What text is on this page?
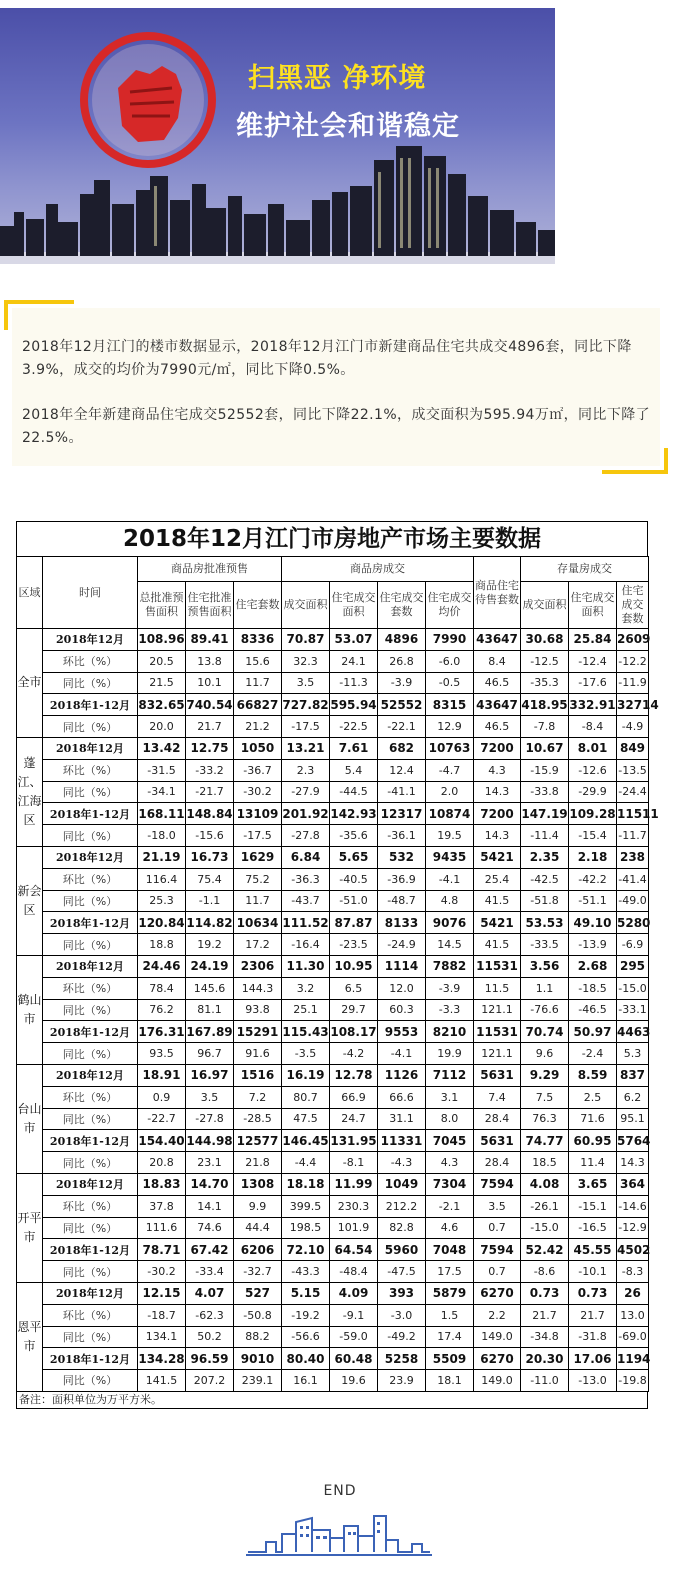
扫黑恶 净环境
维护社会和谐稳定

2018年12月江门的楼市数据显示，2018年12月江门市新建商品住宅共成交4896套，同比下降3.9%，成交的均价为7990元/㎡，同比下降0.5%。

2018年全年新建商品住宅成交52552套，同比下降22.1%，成交面积为595.94万㎡，同比下降了22.5%。

2018年12月江门市房地产市场主要数据
区域	时间	商品房批准预售			商品房成交				商品住宅待售套数	存量房成交		
		总批准预售面积	住宅批准预售面积	住宅套数	成交面积	住宅成交面积	住宅成交套数	住宅成交均价		成交面积	住宅成交面积	住宅成交套数
全市	2018年12月	108.96	89.41	8336	70.87	53.07	4896	7990	43647	30.68	25.84	2609
	环比（%）	20.5	13.8	15.6	32.3	24.1	26.8	-6.0	8.4	-12.5	-12.4	-12.2
	同比（%）	21.5	10.1	11.7	3.5	-11.3	-3.9	-0.5	46.5	-35.3	-17.6	-11.9
	2018年1-12月	832.65	740.54	66827	727.82	595.94	52552	8315	43647	418.95	332.91	32714
	同比（%）	20.0	21.7	21.2	-17.5	-22.5	-22.1	12.9	46.5	-7.8	-8.4	-4.9
蓬江、江海区	2018年12月	13.42	12.75	1050	13.21	7.61	682	10763	7200	10.67	8.01	849
	环比（%）	-31.5	-33.2	-36.7	2.3	5.4	12.4	-4.7	4.3	-15.9	-12.6	-13.5
	同比（%）	-34.1	-21.7	-30.2	-27.9	-44.5	-41.1	2.0	14.3	-33.8	-29.9	-24.4
	2018年1-12月	168.11	148.84	13109	201.92	142.93	12317	10874	7200	147.19	109.28	11511
	同比（%）	-18.0	-15.6	-17.5	-27.8	-35.6	-36.1	19.5	14.3	-11.4	-15.4	-11.7
新会区	2018年12月	21.19	16.73	1629	6.84	5.65	532	9435	5421	2.35	2.18	238
	环比（%）	116.4	75.4	75.2	-36.3	-40.5	-36.9	-4.1	25.4	-42.5	-42.2	-41.4
	同比（%）	25.3	-1.1	11.7	-43.7	-51.0	-48.7	4.8	41.5	-51.8	-51.1	-49.0
	2018年1-12月	120.84	114.82	10634	111.52	87.87	8133	9076	5421	53.53	49.10	5280
	同比（%）	18.8	19.2	17.2	-16.4	-23.5	-24.9	14.5	41.5	-33.5	-13.9	-6.9
鹤山市	2018年12月	24.46	24.19	2306	11.30	10.95	1114	7882	11531	3.56	2.68	295
	环比（%）	78.4	145.6	144.3	3.2	6.5	12.0	-3.9	11.5	1.1	-18.5	-15.0
	同比（%）	76.2	81.1	93.8	25.1	29.7	60.3	-3.3	121.1	-76.6	-46.5	-33.1
	2018年1-12月	176.31	167.89	15291	115.43	108.17	9553	8210	11531	70.74	50.97	4463
	同比（%）	93.5	96.7	91.6	-3.5	-4.2	-4.1	19.9	121.1	9.6	-2.4	5.3
台山市	2018年12月	18.91	16.97	1516	16.19	12.78	1126	7112	5631	9.29	8.59	837
	环比（%）	0.9	3.5	7.2	80.7	66.9	66.6	3.1	7.4	7.5	2.5	6.2
	同比（%）	-22.7	-27.8	-28.5	47.5	24.7	31.1	8.0	28.4	76.3	71.6	95.1
	2018年1-12月	154.40	144.98	12577	146.45	131.95	11331	7045	5631	74.77	60.95	5764
	同比（%）	20.8	23.1	21.8	-4.4	-8.1	-4.3	4.3	28.4	18.5	11.4	14.3
开平市	2018年12月	18.83	14.70	1308	18.18	11.99	1049	7304	7594	4.08	3.65	364
	环比（%）	37.8	14.1	9.9	399.5	230.3	212.2	-2.1	3.5	-26.1	-15.1	-14.6
	同比（%）	111.6	74.6	44.4	198.5	101.9	82.8	4.6	0.7	-15.0	-16.5	-12.9
	2018年1-12月	78.71	67.42	6206	72.10	64.54	5960	7048	7594	52.42	45.55	4502
	同比（%）	-30.2	-33.4	-32.7	-43.3	-48.4	-47.5	17.5	0.7	-8.6	-10.1	-8.3
恩平市	2018年12月	12.15	4.07	527	5.15	4.09	393	5879	6270	0.73	0.73	26
	环比（%）	-18.7	-62.3	-50.8	-19.2	-9.1	-3.0	1.5	2.2	21.7	21.7	13.0
	同比（%）	134.1	50.2	88.2	-56.6	-59.0	-49.2	17.4	149.0	-34.8	-31.8	-69.0
	2018年1-12月	134.28	96.59	9010	80.40	60.48	5258	5509	6270	20.30	17.06	1194
	同比（%）	141.5	207.2	239.1	16.1	19.6	23.9	18.1	149.0	-11.0	-13.0	-19.8
备注：面积单位为万平方米。
END
